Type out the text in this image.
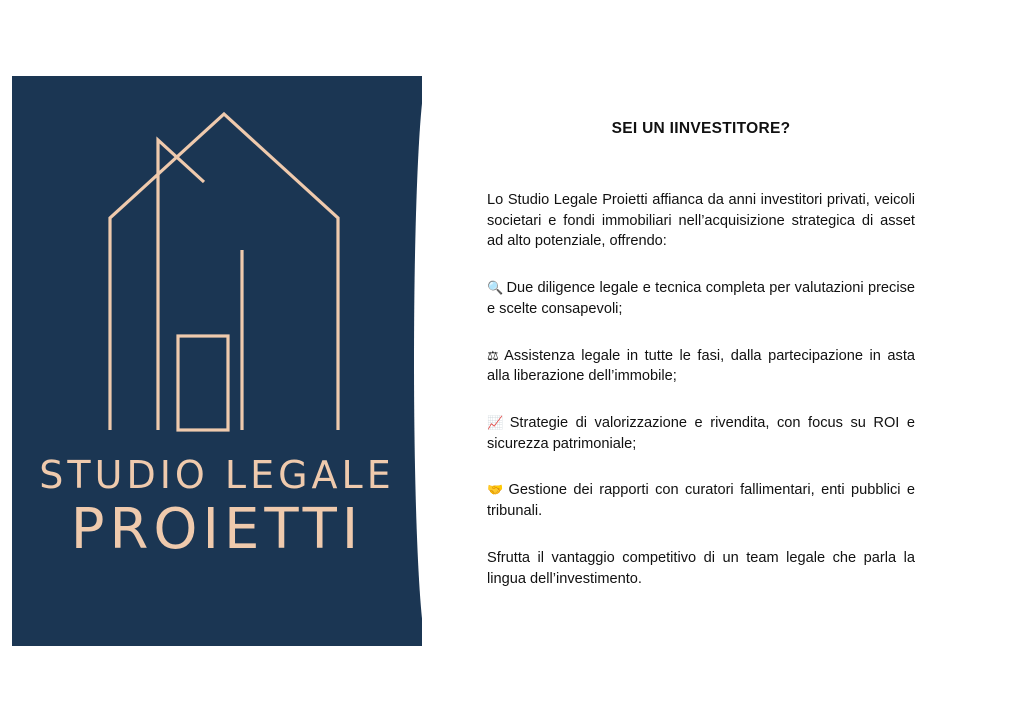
STUDIO LEGALE
PROIETTI
SEI UN IINVESTITORE?

Lo Studio Legale Proietti affianca da anni investitori privati, veicoli societari e fondi immobiliari nell’acquisizione strategica di asset ad alto potenziale, offrendo:

🔍 Due diligence legale e tecnica completa per valutazioni precise e scelte consapevoli;

⚖ Assistenza legale in tutte le fasi, dalla partecipazione in asta alla liberazione dell’immobile;

📈 Strategie di valorizzazione e rivendita, con focus su ROI e sicurezza patrimoniale;

🤝 Gestione dei rapporti con curatori fallimentari, enti pubblici e tribunali.

Sfrutta il vantaggio competitivo di un team legale che parla la lingua dell’investimento.
